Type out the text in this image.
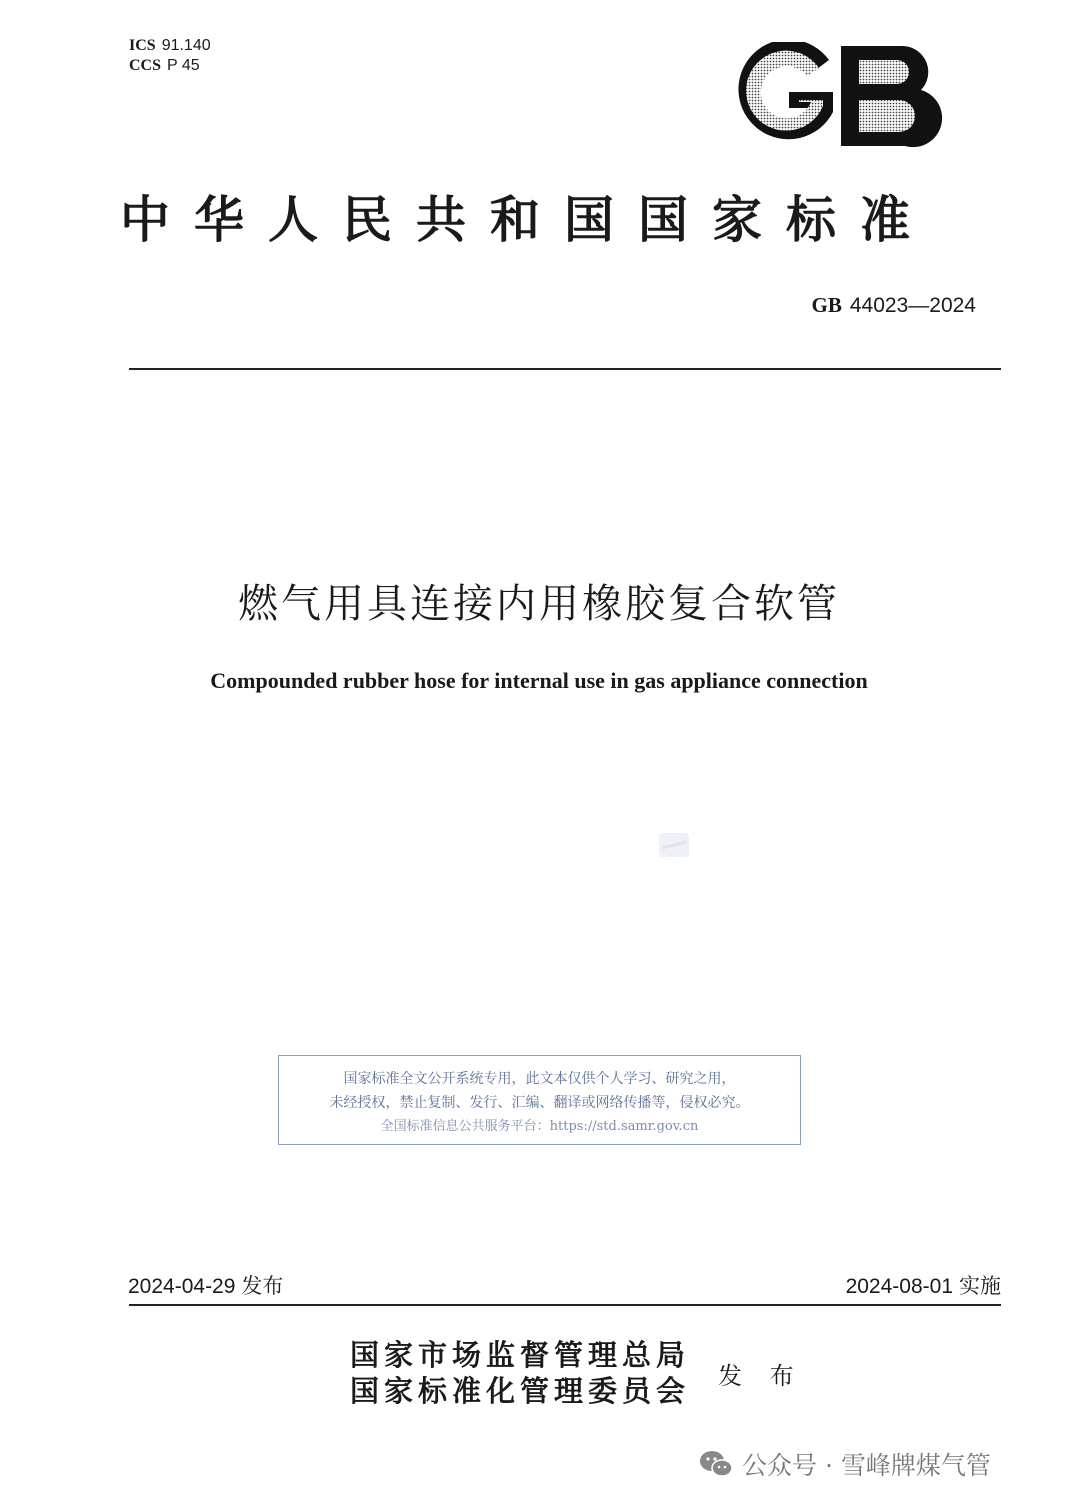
ICS 91.140
CCS P 45
中华人民共和国国家标准
GB 44023—2024
燃气用具连接内用橡胶复合软管
Compounded rubber hose for internal use in gas appliance connection
国家标准全文公开系统专用，此文本仅供个人学习、研究之用，
未经授权，禁止复制、发行、汇编、翻译或网络传播等，侵权必究。
全国标准信息公共服务平台：https://std.samr.gov.cn
2024-04-29 发布	2024-08-01 实施
国家市场监督管理总局
国家标准化管理委员会 发 布
公众号 · 雪峰牌煤气管
